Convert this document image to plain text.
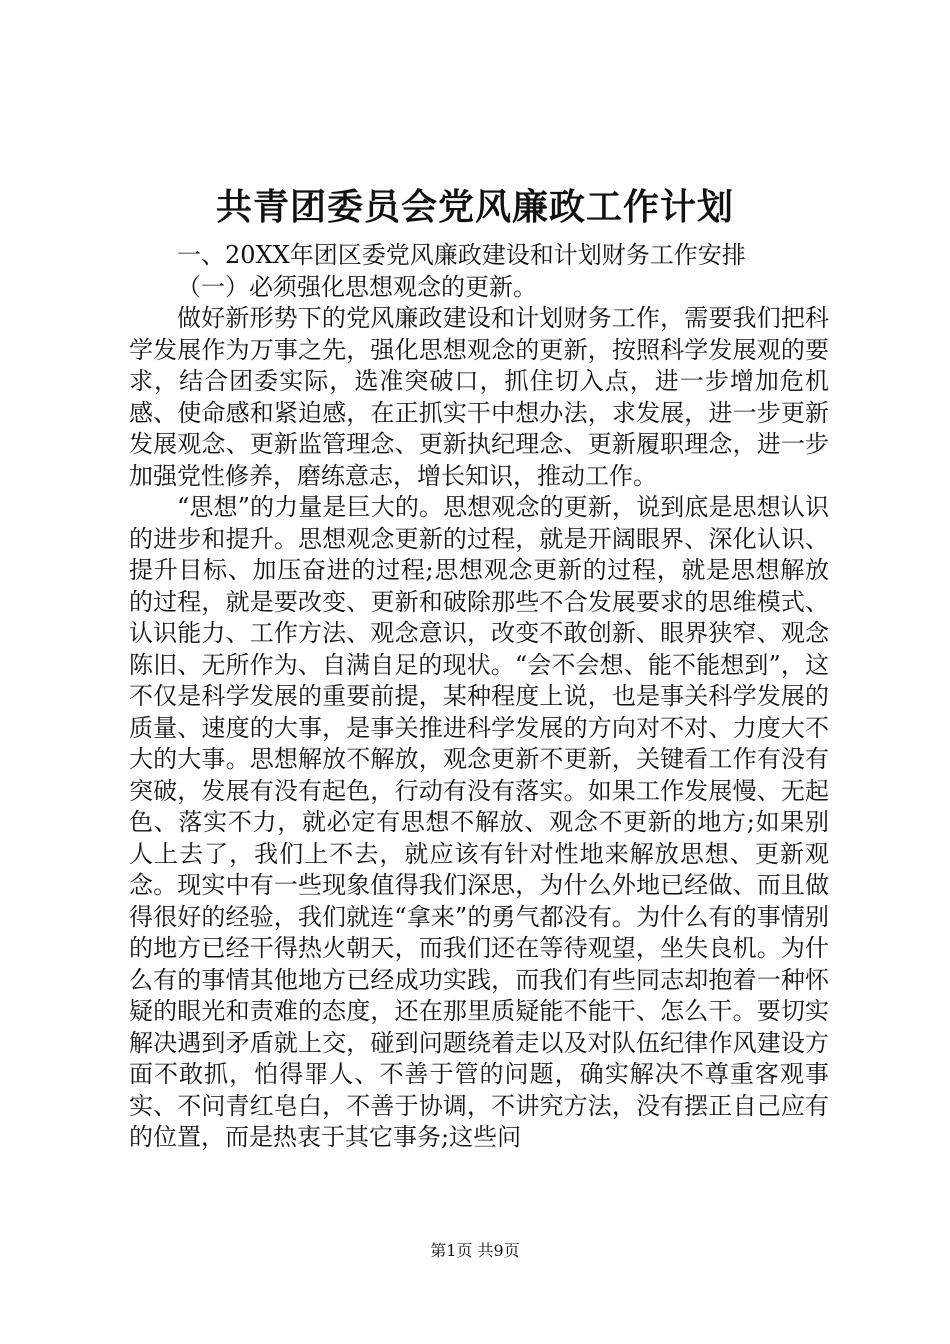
共青团委员会党风廉政工作计划

一、20XX年团区委党风廉政建设和计划财务工作安排

（一）必须强化思想观念的更新。

做好新形势下的党风廉政建设和计划财务工作，需要我们把科学发展作为万事之先，强化思想观念的更新，按照科学发展观的要求，结合团委实际，选准突破口，抓住切入点，进一步增加危机感、使命感和紧迫感，在正抓实干中想办法，求发展，进一步更新发展观念、更新监管理念、更新执纪理念、更新履职理念，进一步加强党性修养，磨练意志，增长知识，推动工作。

“思想”的力量是巨大的。思想观念的更新，说到底是思想认识的进步和提升。思想观念更新的过程，就是开阔眼界、深化认识、提升目标、加压奋进的过程;思想观念更新的过程，就是思想解放的过程，就是要改变、更新和破除那些不合发展要求的思维模式、认识能力、工作方法、观念意识，改变不敢创新、眼界狭窄、观念陈旧、无所作为、自满自足的现状。“会不会想、能不能想到”，这不仅是科学发展的重要前提，某种程度上说，也是事关科学发展的质量、速度的大事，是事关推进科学发展的方向对不对、力度大不大的大事。思想解放不解放，观念更新不更新，关键看工作有没有突破，发展有没有起色，行动有没有落实。如果工作发展慢、无起色、落实不力，就必定有思想不解放、观念不更新的地方;如果别人上去了，我们上不去，就应该有针对性地来解放思想、更新观念。现实中有一些现象值得我们深思，为什么外地已经做、而且做得很好的经验，我们就连“拿来”的勇气都没有。为什么有的事情别的地方已经干得热火朝天，而我们还在等待观望，坐失良机。为什么有的事情其他地方已经成功实践，而我们有些同志却抱着一种怀疑的眼光和责难的态度，还在那里质疑能不能干、怎么干。要切实解决遇到矛盾就上交，碰到问题绕着走以及对队伍纪律作风建设方面不敢抓，怕得罪人、不善于管的问题，确实解决不尊重客观事实、不问青红皂白，不善于协调，不讲究方法，没有摆正自己应有的位置，而是热衷于其它事务;这些问

第1页 共9页
